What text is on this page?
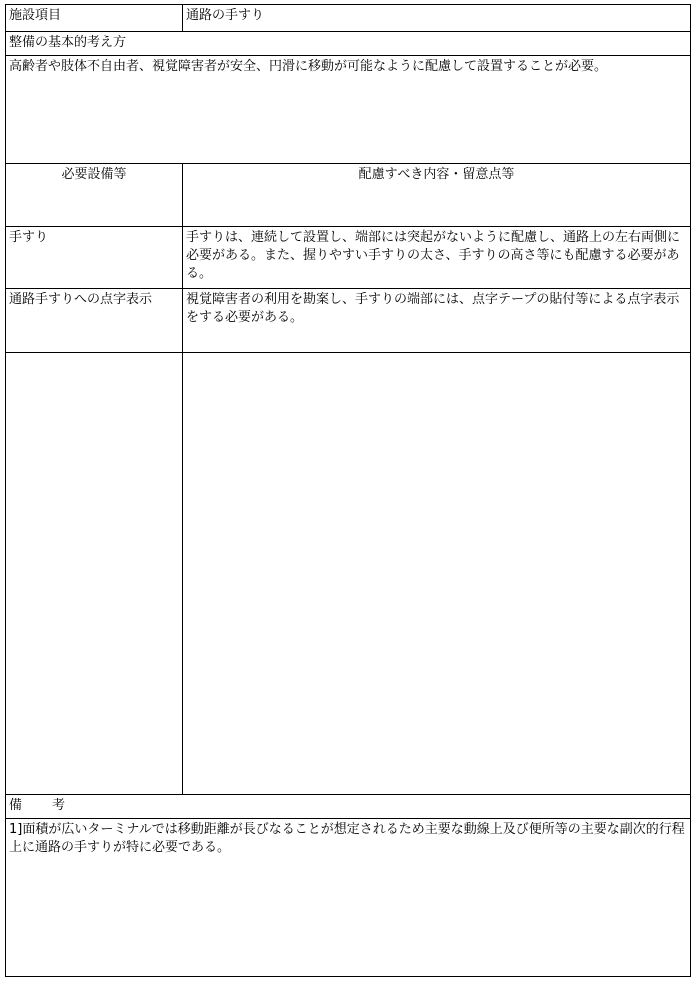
施設項目	通路の手すり
整備の基本的考え方
高齢者や肢体不自由者、視覚障害者が安全、円滑に移動が可能なように配慮して設置することが必要。
必要設備等	配慮すべき内容・留意点等
手すり	手すりは、連続して設置し、端部には突起がないように配慮し、通路上の左右両側に必要がある。また、握りやすい手すりの太さ、手すりの高さ等にも配慮する必要がある。
通路手すりへの点字表示	視覚障害者の利用を勘案し、手すりの端部には、点字テープの貼付等による点字表示をする必要がある。
備 考
1]面積が広いターミナルでは移動距離が長びなることが想定されるため主要な動線上及び便所等の主要な副次的行程上に通路の手すりが特に必要である。
